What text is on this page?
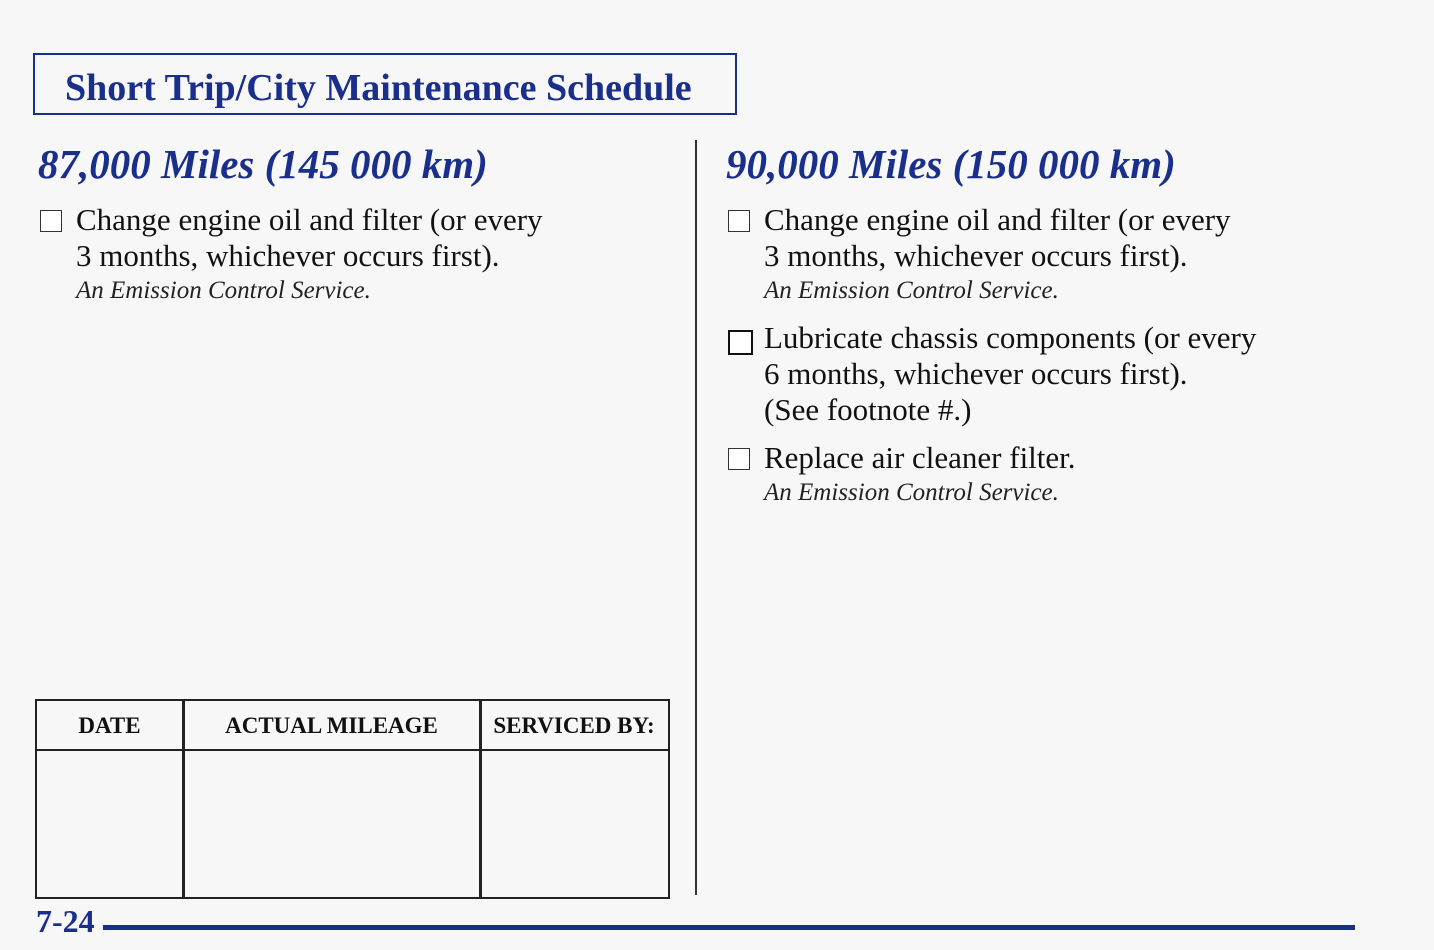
Short Trip/City Maintenance Schedule
87,000 Miles (145 000 km)
Change engine oil and filter (or every
3 months, whichever occurs first).
An Emission Control Service.
90,000 Miles (150 000 km)
Change engine oil and filter (or every
3 months, whichever occurs first).
An Emission Control Service.
Lubricate chassis components (or every
6 months, whichever occurs first).
(See footnote #.)
Replace air cleaner filter.
An Emission Control Service.
DATE	ACTUAL MILEAGE	SERVICED BY:
7-24
